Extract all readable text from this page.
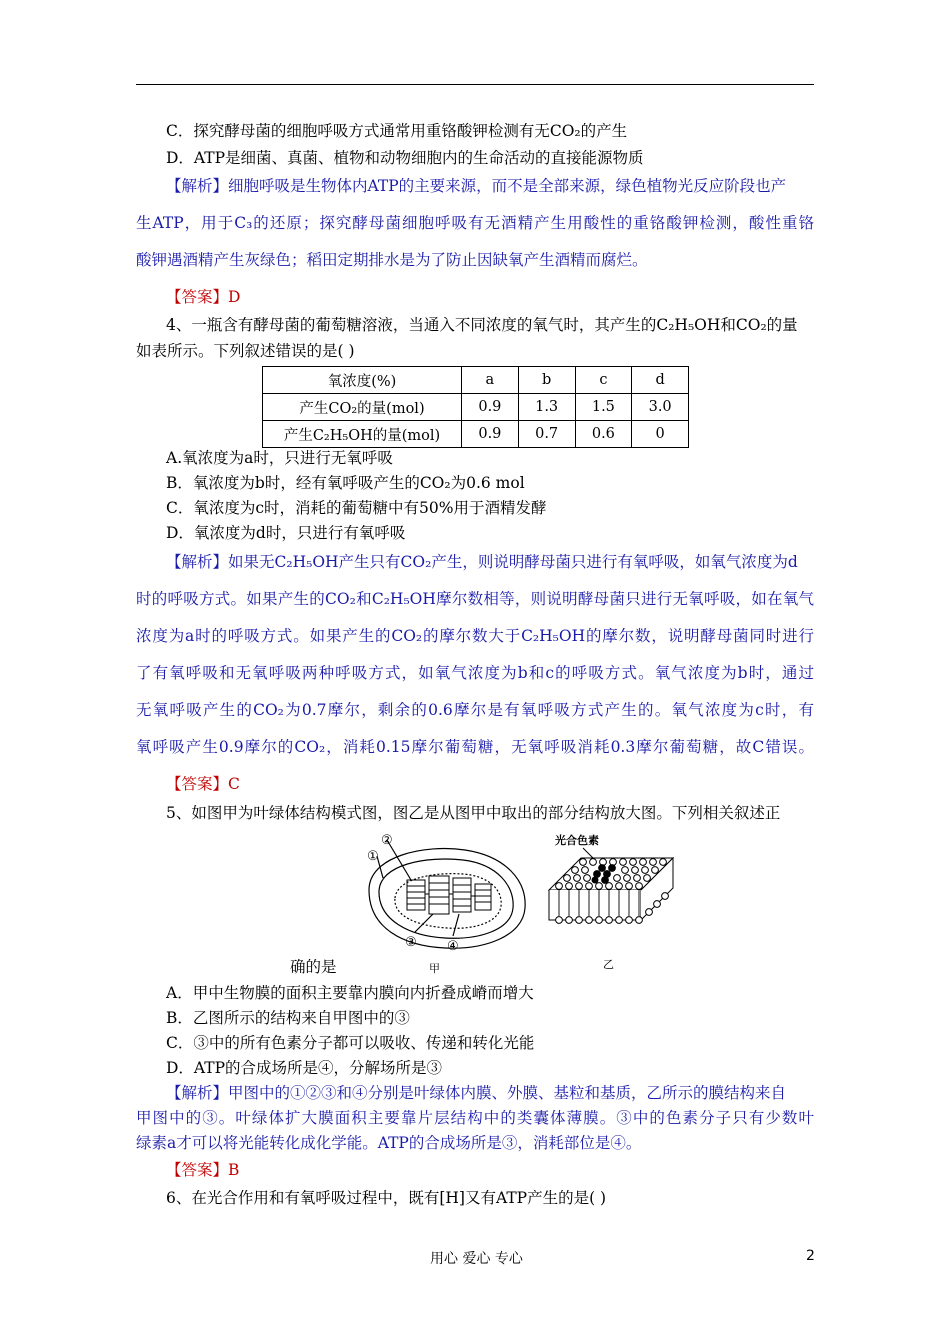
C．探究酵母菌的细胞呼吸方式通常用重铬酸钾检测有无CO₂的产生
D．ATP是细菌、真菌、植物和动物细胞内的生命活动的直接能源物质
【解析】细胞呼吸是生物体内ATP的主要来源，而不是全部来源，绿色植物光反应阶段也产
生ATP，用于C₃的还原；探究酵母菌细胞呼吸有无酒精产生用酸性的重铬酸钾检测，酸性重铬
酸钾遇酒精产生灰绿色；稻田定期排水是为了防止因缺氧产生酒精而腐烂。
【答案】D
4、一瓶含有酵母菌的葡萄糖溶液，当通入不同浓度的氧气时，其产生的C₂H₅OH和CO₂的量
如表所示。下列叙述错误的是( )
氧浓度(%)	a	b	c	d
产生CO₂的量(mol)	0.9	1.3	1.5	3.0
产生C₂H₅OH的量(mol)	0.9	0.7	0.6	0
A.氧浓度为a时，只进行无氧呼吸
B．氧浓度为b时，经有氧呼吸产生的CO₂为0.6 mol
C．氧浓度为c时，消耗的葡萄糖中有50%用于酒精发酵
D．氧浓度为d时，只进行有氧呼吸
【解析】如果无C₂H₅OH产生只有CO₂产生，则说明酵母菌只进行有氧呼吸，如氧气浓度为d
时的呼吸方式。如果产生的CO₂和C₂H₅OH摩尔数相等，则说明酵母菌只进行无氧呼吸，如在氧气
浓度为a时的呼吸方式。如果产生的CO₂的摩尔数大于C₂H₅OH的摩尔数，说明酵母菌同时进行
了有氧呼吸和无氧呼吸两种呼吸方式，如氧气浓度为b和c的呼吸方式。氧气浓度为b时，通过
无氧呼吸产生的CO₂为0.7摩尔，剩余的0.6摩尔是有氧呼吸方式产生的。氧气浓度为c时，有
氧呼吸产生0.9摩尔的CO₂，消耗0.15摩尔葡萄糖，无氧呼吸消耗0.3摩尔葡萄糖，故C错误。
【答案】C
5、如图甲为叶绿体结构模式图，图乙是从图甲中取出的部分结构放大图。下列相关叙述正
②
①
③ ④
甲
光合色素
乙
确的是
A．甲中生物膜的面积主要靠内膜向内折叠成嵴而增大
B．乙图所示的结构来自甲图中的③
C．③中的所有色素分子都可以吸收、传递和转化光能
D．ATP的合成场所是④，分解场所是③
【解析】甲图中的①②③和④分别是叶绿体内膜、外膜、基粒和基质，乙所示的膜结构来自
甲图中的③。叶绿体扩大膜面积主要靠片层结构中的类囊体薄膜。③中的色素分子只有少数叶
绿素a才可以将光能转化成化学能。ATP的合成场所是③，消耗部位是④。
【答案】B
6、在光合作用和有氧呼吸过程中，既有[H]又有ATP产生的是( )
用心 爱心 专心	2
